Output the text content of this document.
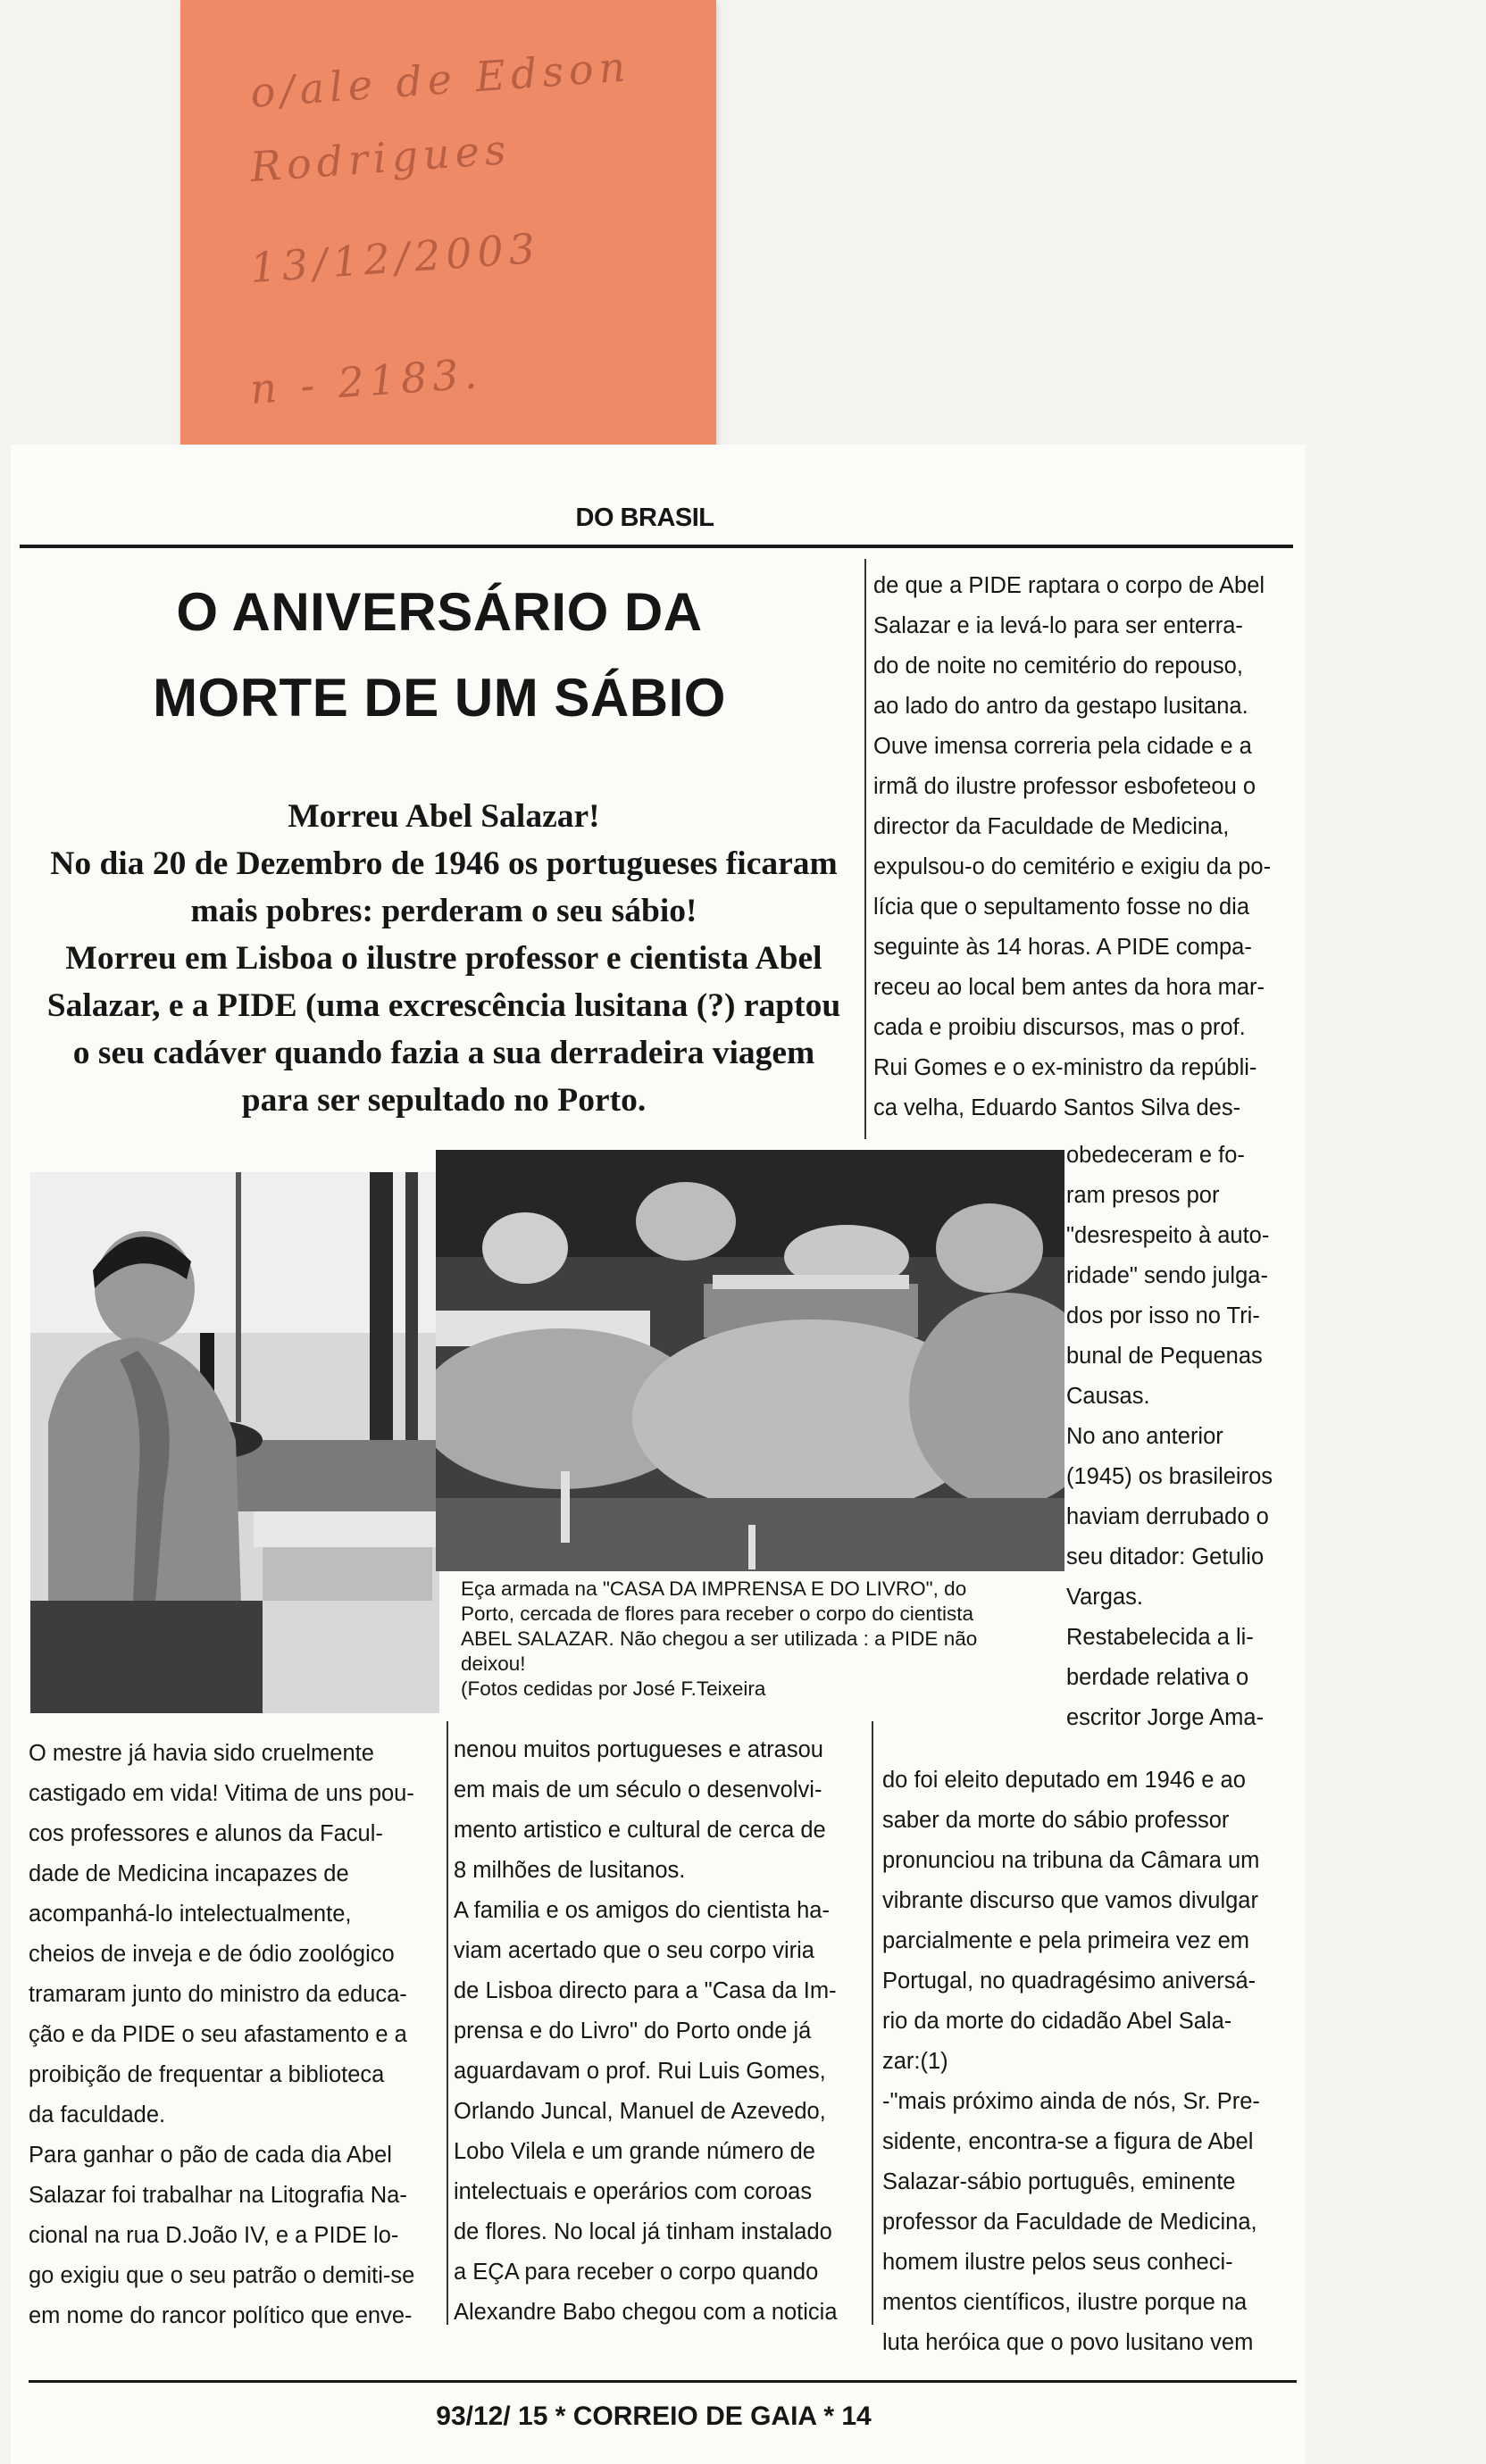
o/ale de Edson
Rodrigues
13/12/2003
n - 2183.
DO BRASIL
O ANIVERSÁRIO DA
MORTE DE UM SÁBIO
Morreu Abel Salazar!
No dia 20 de Dezembro de 1946 os portugueses ficaram
mais pobres: perderam o seu sábio!
Morreu em Lisboa o ilustre professor e cientista Abel
Salazar, e a PIDE (uma excrescência lusitana (?) raptou
o seu cadáver quando fazia a sua derradeira viagem
para ser sepultado no Porto.
de que a PIDE raptara o corpo de Abel
Salazar e ia levá-lo para ser enterra-
do de noite no cemitério do repouso,
ao lado do antro da gestapo lusitana.
Ouve imensa correria pela cidade e a
irmã do ilustre professor esbofeteou o
director da Faculdade de Medicina,
expulsou-o do cemitério e exigiu da po-
lícia que o sepultamento fosse no dia
seguinte às 14 horas. A PIDE compa-
receu ao local bem antes da hora mar-
cada e proibiu discursos, mas o prof.
Rui Gomes e o ex-ministro da repúbli-
ca velha, Eduardo Santos Silva des-
obedeceram e fo-
ram presos por
"desrespeito à auto-
ridade" sendo julga-
dos por isso no Tri-
bunal de Pequenas
Causas.
No ano anterior
(1945) os brasileiros
haviam derrubado o
seu ditador: Getulio
Vargas.
Restabelecida a li-
berdade relativa o
escritor Jorge Ama-
do foi eleito deputado em 1946 e ao
saber da morte do sábio professor
pronunciou na tribuna da Câmara um
vibrante discurso que vamos divulgar
parcialmente e pela primeira vez em
Portugal, no quadragésimo aniversá-
rio da morte do cidadão Abel Sala-
zar:(1)
-"mais próximo ainda de nós, Sr. Pre-
sidente, encontra-se a figura de Abel
Salazar-sábio português, eminente
professor da Faculdade de Medicina,
homem ilustre pelos seus conheci-
mentos científicos, ilustre porque na
luta heróica que o povo lusitano vem
Eça armada na "CASA DA IMPRENSA E DO LIVRO", do
Porto, cercada de flores para receber o corpo do cientista
ABEL SALAZAR. Não chegou a ser utilizada : a PIDE não
deixou!
(Fotos cedidas por José F.Teixeira
O mestre já havia sido cruelmente
castigado em vida! Vitima de uns pou-
cos professores e alunos da Facul-
dade de Medicina incapazes de
acompanhá-lo intelectualmente,
cheios de inveja e de ódio zoológico
tramaram junto do ministro da educa-
ção e da PIDE o seu afastamento e a
proibição de frequentar a biblioteca
da faculdade.
Para ganhar o pão de cada dia Abel
Salazar foi trabalhar na Litografia Na-
cional na rua D.João IV, e a PIDE lo-
go exigiu que o seu patrão o demiti-se
em nome do rancor político que enve-
nenou muitos portugueses e atrasou
em mais de um século o desenvolvi-
mento artistico e cultural de cerca de
8 milhões de lusitanos.
A familia e os amigos do cientista ha-
viam acertado que o seu corpo viria
de Lisboa directo para a "Casa da Im-
prensa e do Livro" do Porto onde já
aguardavam o prof. Rui Luis Gomes,
Orlando Juncal, Manuel de Azevedo,
Lobo Vilela e um grande número de
intelectuais e operários com coroas
de flores. No local já tinham instalado
a EÇA para receber o corpo quando
Alexandre Babo chegou com a noticia
93/12/ 15 * CORREIO DE GAIA * 14
